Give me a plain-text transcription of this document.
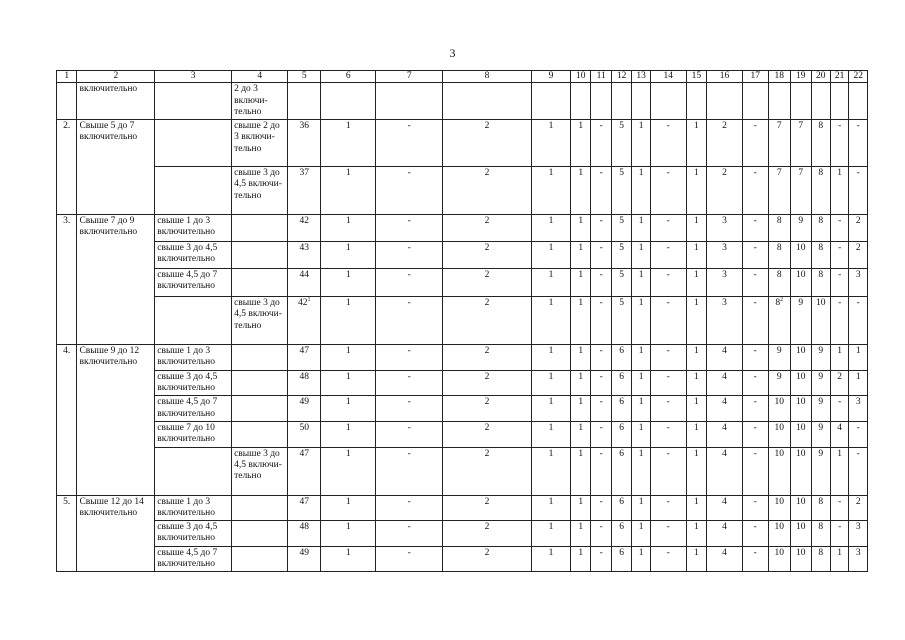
3
1	2	3	4	5	6	7	8	9	10	11	12	13	14	15	16	17	18	19	20	21	22
	включительно		2 до 3 включи-тельно																		
2.	Свыше 5 до 7 включительно		свыше 2 до 3 включи-тельно	36	1	-	2	1	1	-	5	1	-	1	2	-	7	7	8	-	-
			свыше 3 до 4,5 включи-тельно	37	1	-	2	1	1	-	5	1	-	1	2	-	7	7	8	1	-
3.	Свыше 7 до 9 включительно	свыше 1 до 3 включительно		42	1	-	2	1	1	-	5	1	-	1	3	-	8	9	8	-	2
		свыше 3 до 4,5 включительно		43	1	-	2	1	1	-	5	1	-	1	3	-	8	10	8	-	2
		свыше 4,5 до 7 включительно		44	1	-	2	1	1	-	5	1	-	1	3	-	8	10	8	-	3
			свыше 3 до 4,5 включи-тельно	$42^1$	1	-	2	1	1	-	5	1	-	1	3	-	$8^2$	9	10	-	-
4.	Свыше 9 до 12 включительно	свыше 1 до 3 включительно		47	1	-	2	1	1	-	6	1	-	1	4	-	9	10	9	1	1
		свыше 3 до 4,5 включительно		48	1	-	2	1	1	-	6	1	-	1	4	-	9	10	9	2	1
		свыше 4,5 до 7 включительно		49	1	-	2	1	1	-	6	1	-	1	4	-	10	10	9	-	3
		свыше 7 до 10 включительно		50	1	-	2	1	1	-	6	1	-	1	4	-	10	10	9	4	-
			свыше 3 до 4,5 включи-тельно	47	1	-	2	1	1	-	6	1	-	1	4	-	10	10	9	1	-
5.	Свыше 12 до 14 включительно	свыше 1 до 3 включительно		47	1	-	2	1	1	-	6	1	-	1	4	-	10	10	8	-	2
		свыше 3 до 4,5 включительно		48	1	-	2	1	1	-	6	1	-	1	4	-	10	10	8	-	3
		свыше 4,5 до 7 включительно		49	1	-	2	1	1	-	6	1	-	1	4	-	10	10	8	1	3
